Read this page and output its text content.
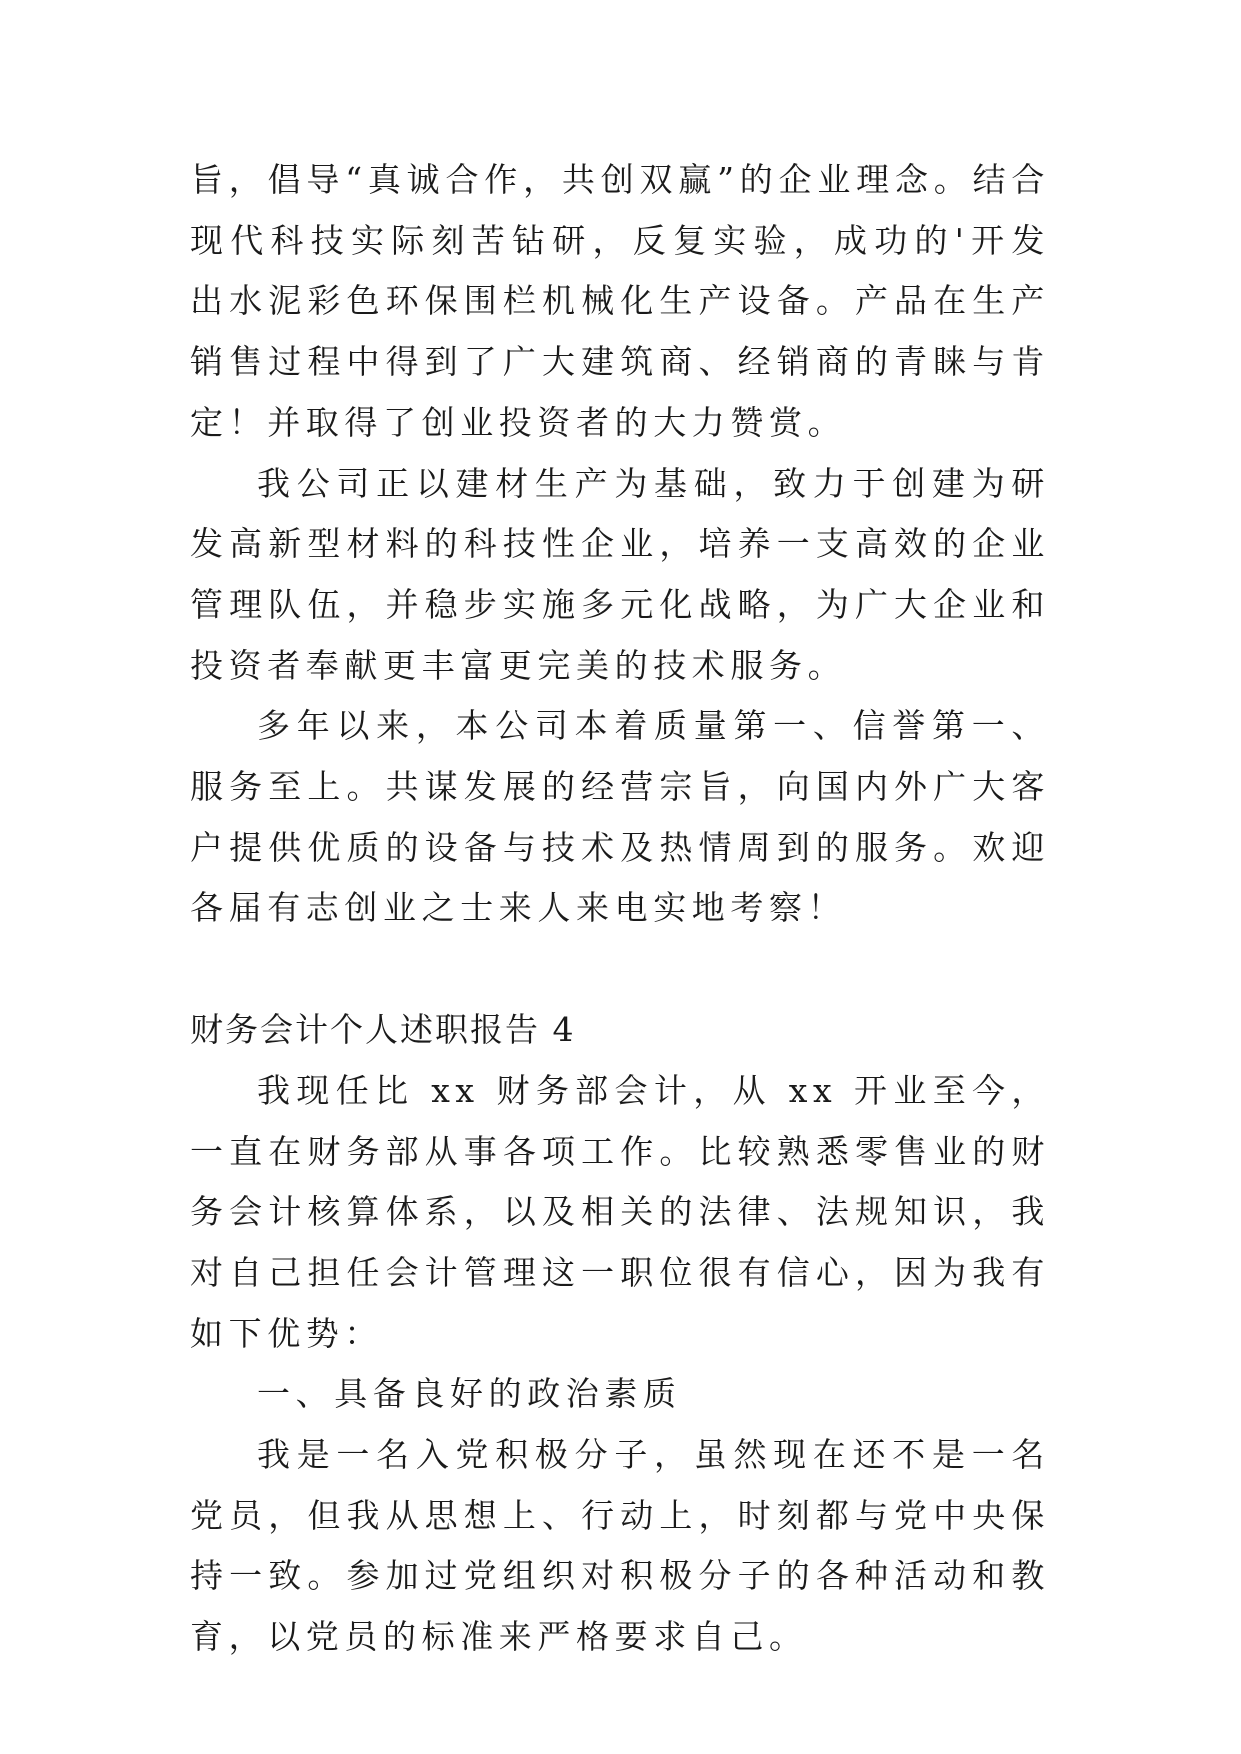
旨，倡导“真诚合作，共创双赢”的企业理念。结合现代科技实际刻苦钻研，反复实验，成功的'开发出水泥彩色环保围栏机械化生产设备。产品在生产销售过程中得到了广大建筑商、经销商的青睐与肯定！并取得了创业投资者的大力赞赏。

我公司正以建材生产为基础，致力于创建为研发高新型材料的科技性企业，培养一支高效的企业管理队伍，并稳步实施多元化战略，为广大企业和投资者奉献更丰富更完美的技术服务。

多年以来，本公司本着质量第一、信誉第一、服务至上。共谋发展的经营宗旨，向国内外广大客户提供优质的设备与技术及热情周到的服务。欢迎各届有志创业之士来人来电实地考察！

财务会计个人述职报告 4

我现任比 xx 财务部会计，从 xx 开业至今，一直在财务部从事各项工作。比较熟悉零售业的财务会计核算体系，以及相关的法律、法规知识，我对自己担任会计管理这一职位很有信心，因为我有如下优势：

一、具备良好的政治素质

我是一名入党积极分子，虽然现在还不是一名党员，但我从思想上、行动上，时刻都与党中央保持一致。参加过党组织对积极分子的各种活动和教育，以党员的标准来严格要求自己。
